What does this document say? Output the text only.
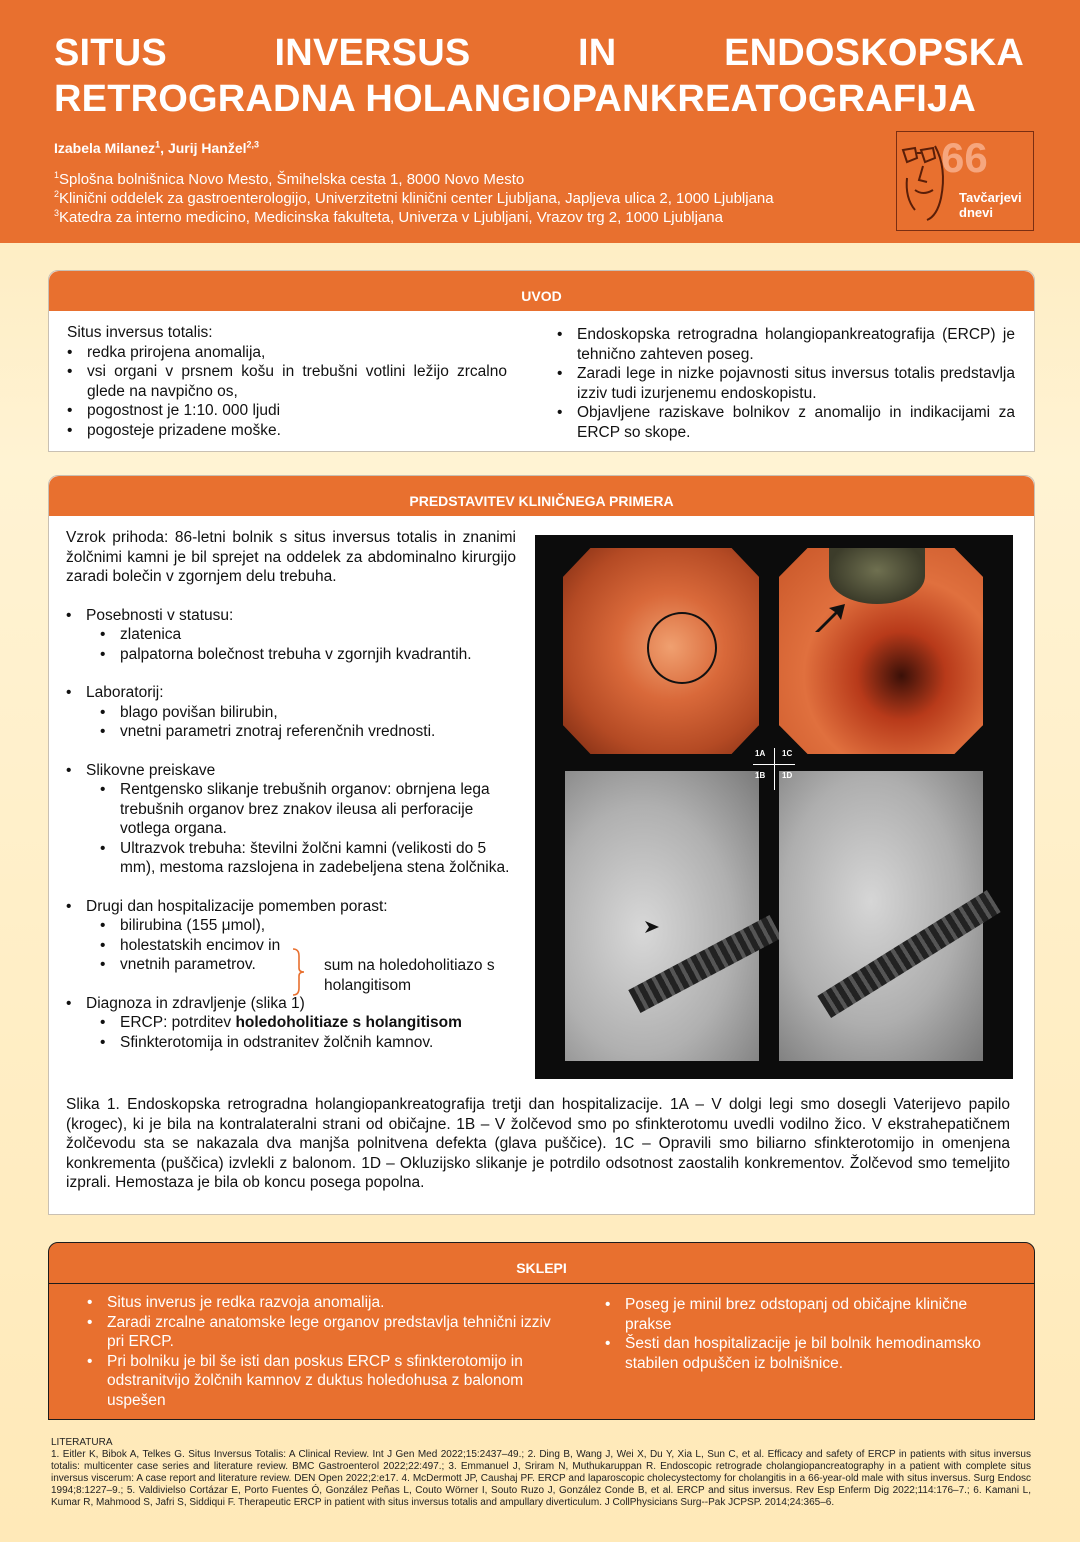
SITUS INVERSUS IN ENDOSKOPSKA
RETROGRADNA HOLANGIOPANKREATOGRAFIJA
Izabela Milanez$^1$, Jurij Hanžel$^{2,3}$
$^1$Splošna bolnišnica Novo Mesto, Šmihelska cesta 1, 8000 Novo Mesto
$^2$Klinični oddelek za gastroenterologijo, Univerzitetni klinični center Ljubljana, Japljeva ulica 2, 1000 Ljubljana
$^3$Katedra za interno medicino, Medicinska fakulteta, Univerza v Ljubljani, Vrazov trg 2, 1000 Ljubljana
66
Tavčarjevi
dnevi
UVOD
Situs inversus totalis:
• redka prirojena anomalija,
• vsi organi v prsnem košu in trebušni votlini ležijo zrcalno glede na navpično os,
• pogostnost je 1:10. 000 ljudi
• pogosteje prizadene moške.
• Endoskopska retrogradna holangiopankreatografija (ERCP) je tehnično zahteven poseg.
• Zaradi lege in nizke pojavnosti situs inversus totalis predstavlja izziv tudi izurjenemu endoskopistu.
• Objavljene raziskave bolnikov z anomalijo in indikacijami za ERCP so skope.
PREDSTAVITEV KLINIČNEGA PRIMERA
Vzrok prihoda: 86-letni bolnik s situs inversus totalis in znanimi žolčnimi kamni je bil sprejet na oddelek za abdominalno kirurgijo zaradi bolečin v zgornjem delu trebuha.
• Posebnosti v statusu:
• zlatenica
• palpatorna bolečnost trebuha v zgornjih kvadrantih.
• Laboratorij:
• blago povišan bilirubin,
• vnetni parametri znotraj referenčnih vrednosti.
• Slikovne preiskave
• Rentgensko slikanje trebušnih organov: obrnjena lega trebušnih organov brez znakov ileusa ali perforacije votlega organa.
• Ultrazvok trebuha: številni žolčni kamni (velikosti do 5 mm), mestoma razslojena in zadebeljena stena žolčnika.
• Drugi dan hospitalizacije pomemben porast:
• bilirubina (155 μmol),
• holestatskih encimov in
• vnetnih parametrov.
• Diagnoza in zdravljenje (slika 1)
• ERCP: potrditev holedoholitiaze s holangitisom
• Sfinkterotomija in odstranitev žolčnih kamnov.
sum na holedoholitiazo s holangitisom
1A 1C
1B 1D
Slika 1. Endoskopska retrogradna holangiopankreatografija tretji dan hospitalizacije. 1A – V dolgi legi smo dosegli Vaterijevo papilo (krogec), ki je bila na kontralateralni strani od običajne. 1B – V žolčevod smo po sfinkterotomu uvedli vodilno žico. V ekstrahepatičnem žolčevodu sta se nakazala dva manjša polnitvena defekta (glava puščice). 1C – Opravili smo biliarno sfinkterotomijo in omenjena konkrementa (puščica) izvlekli z balonom. 1D – Okluzijsko slikanje je potrdilo odsotnost zaostalih konkrementov. Žolčevod smo temeljito izprali. Hemostaza je bila ob koncu posega popolna.
SKLEPI
• Situs inverus je redka razvoja anomalija.
• Zaradi zrcalne anatomske lege organov predstavlja tehnični izziv pri ERCP.
• Pri bolniku je bil še isti dan poskus ERCP s sfinkterotomijo in odstranitvijo žolčnih kamnov z duktus holedohusa z balonom uspešen
• Poseg je minil brez odstopanj od običajne klinične prakse
• Šesti dan hospitalizacije je bil bolnik hemodinamsko stabilen odpuščen iz bolnišnice.
LITERATURA
1. Eitler K, Bibok A, Telkes G. Situs Inversus Totalis: A Clinical Review. Int J Gen Med 2022;15:2437–49.; 2. Ding B, Wang J, Wei X, Du Y, Xia L, Sun C, et al. Efficacy and safety of ERCP in patients with situs inversus totalis: multicenter case series and literature review. BMC Gastroenterol 2022;22:497.; 3. Emmanuel J, Sriram N, Muthukaruppan R. Endoscopic retrograde cholangiopancreatography in a patient with complete situs inversus viscerum: A case report and literature review. DEN Open 2022;2:e17. 4. McDermott JP, Caushaj PF. ERCP and laparoscopic cholecystectomy for cholangitis in a 66-year-old male with situs inversus. Surg Endosc 1994;8:1227–9.; 5. Valdivielso Cortázar E, Porto Fuentes Ó, González Peñas L, Couto Wörner I, Souto Ruzo J, González Conde B, et al. ERCP and situs inversus. Rev Esp Enferm Dig 2022;114:176–7.; 6. Kamani L, Kumar R, Mahmood S, Jafri S, Siddiqui F. Therapeutic ERCP in patient with situs inversus totalis and ampullary diverticulum. J CollPhysicians Surg--Pak JCPSP. 2014;24:365–6.
